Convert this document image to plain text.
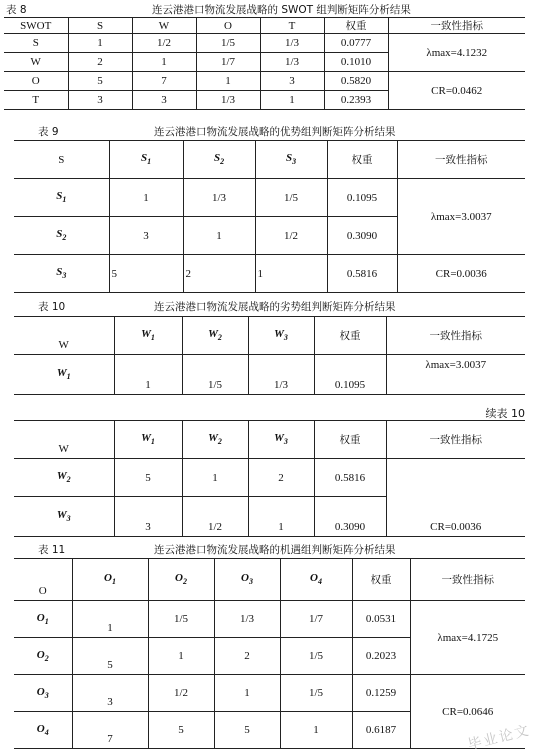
表 8	连云港港口物流发展战略的 SWOT 组判断矩阵分析结果
SWOT	S	W	O	T	权重	一致性指标
S	1	1/2	1/5	1/3	0.0777	λmax=4.1232
W	2	1	1/7	1/3	0.1010	
O	5	7	1	3	0.5820	CR=0.0462
T	3	3	1/3	1	0.2393	
表 9	连云港港口物流发展战略的优势组判断矩阵分析结果
S	$S_1$	$S_2$	$S_3$	权重	一致性指标
$S_1$	1	1/3	1/5	0.1095	λmax=3.0037
$S_2$	3	1	1/2	0.3090	
$S_3$	5	2	1	0.5816	CR=0.0036
表 10	连云港港口物流发展战略的劣势组判断矩阵分析结果
W	$W_1$	$W_2$	$W_3$	权重	一致性指标
$W_1$	1	1/5	1/3	0.1095	λmax=3.0037
续表 10
W	$W_1$	$W_2$	$W_3$	权重	一致性指标
$W_2$	5	1	2	0.5816	CR=0.0036
$W_3$	3	1/2	1	0.3090	
表 11	连云港港口物流发展战略的机遇组判断矩阵分析结果
O	$O_1$	$O_2$	$O_3$	$O_4$	权重	一致性指标
$O_1$	1	1/5	1/3	1/7	0.0531	λmax=4.1725
$O_2$	5	1	2	1/5	0.2023	
$O_3$	3	1/2	1	1/5	0.1259	CR=0.0646
$O_4$	7	5	5	1	0.6187		毕业论文
